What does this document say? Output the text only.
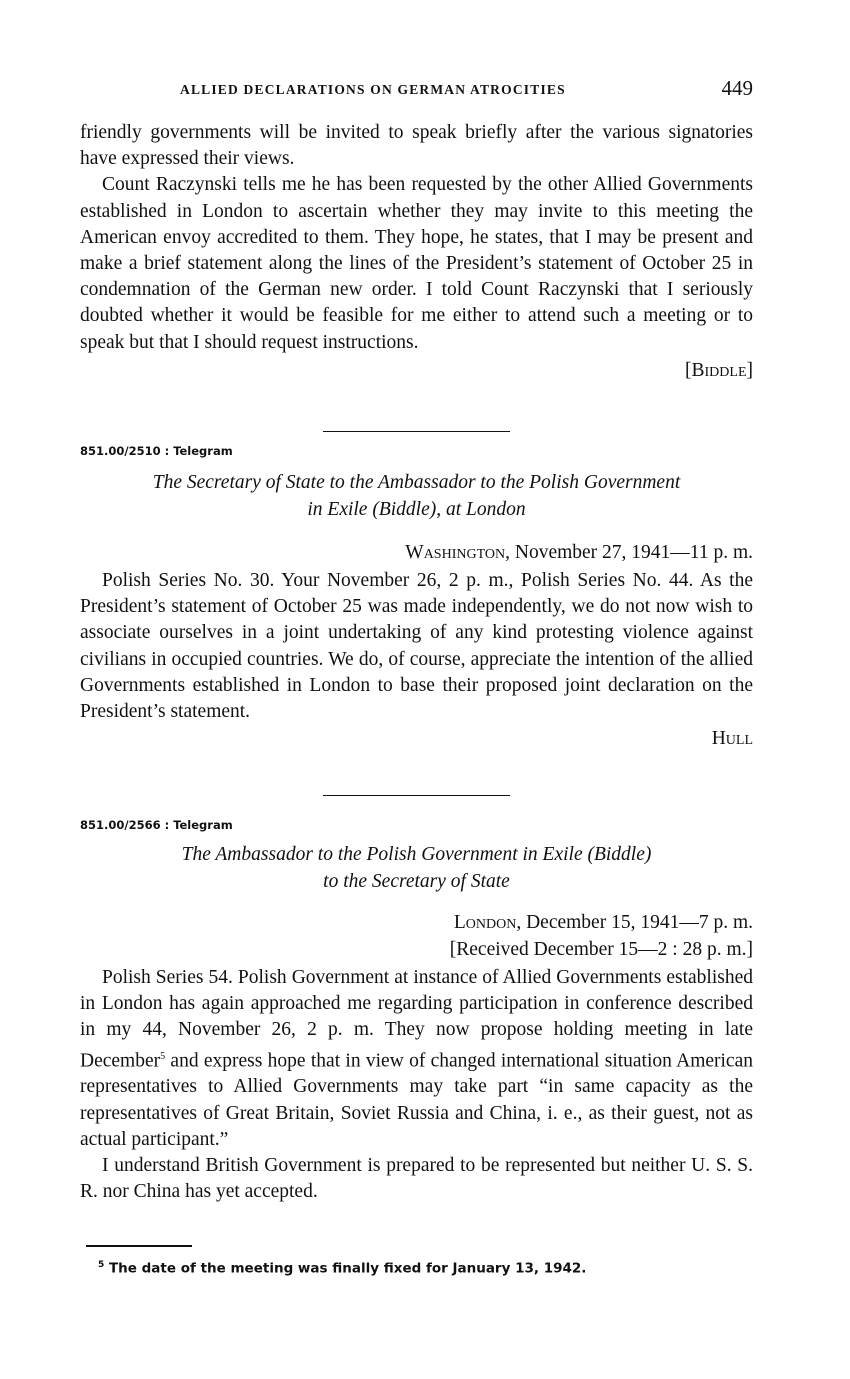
ALLIED DECLARATIONS ON GERMAN ATROCITIES	449

friendly governments will be invited to speak briefly after the various signatories have expressed their views.

Count Raczynski tells me he has been requested by the other Allied Governments established in London to ascertain whether they may invite to this meeting the American envoy accredited to them. They hope, he states, that I may be present and make a brief statement along the lines of the President’s statement of October 25 in condemnation of the German new order. I told Count Raczynski that I seriously doubted whether it would be feasible for me either to attend such a meeting or to speak but that I should request instructions.

[Biddle]

851.00/2510 : Telegram

The Secretary of State to the Ambassador to the Polish Government

in Exile (Biddle), at London

Washington, November 27, 1941—11 p. m.

Polish Series No. 30. Your November 26, 2 p. m., Polish Series No. 44. As the President’s statement of October 25 was made independently, we do not now wish to associate ourselves in a joint undertaking of any kind protesting violence against civilians in occupied countries. We do, of course, appreciate the intention of the allied Governments established in London to base their proposed joint declaration on the President’s statement.

Hull

851.00/2566 : Telegram

The Ambassador to the Polish Government in Exile (Biddle)

to the Secretary of State

London, December 15, 1941—7 p. m.

[Received December 15—2 : 28 p. m.]

Polish Series 54. Polish Government at instance of Allied Governments established in London has again approached me regarding participation in conference described in my 44, November 26, 2 p. m. They now propose holding meeting in late December$^5$ and express hope that in view of changed international situation American representatives to Allied Governments may take part “in same capacity as the representatives of Great Britain, Soviet Russia and China, i. e., as their guest, not as actual participant.”

I understand British Government is prepared to be represented but neither U. S. S. R. nor China has yet accepted.

$^5$ The date of the meeting was finally fixed for January 13, 1942.
